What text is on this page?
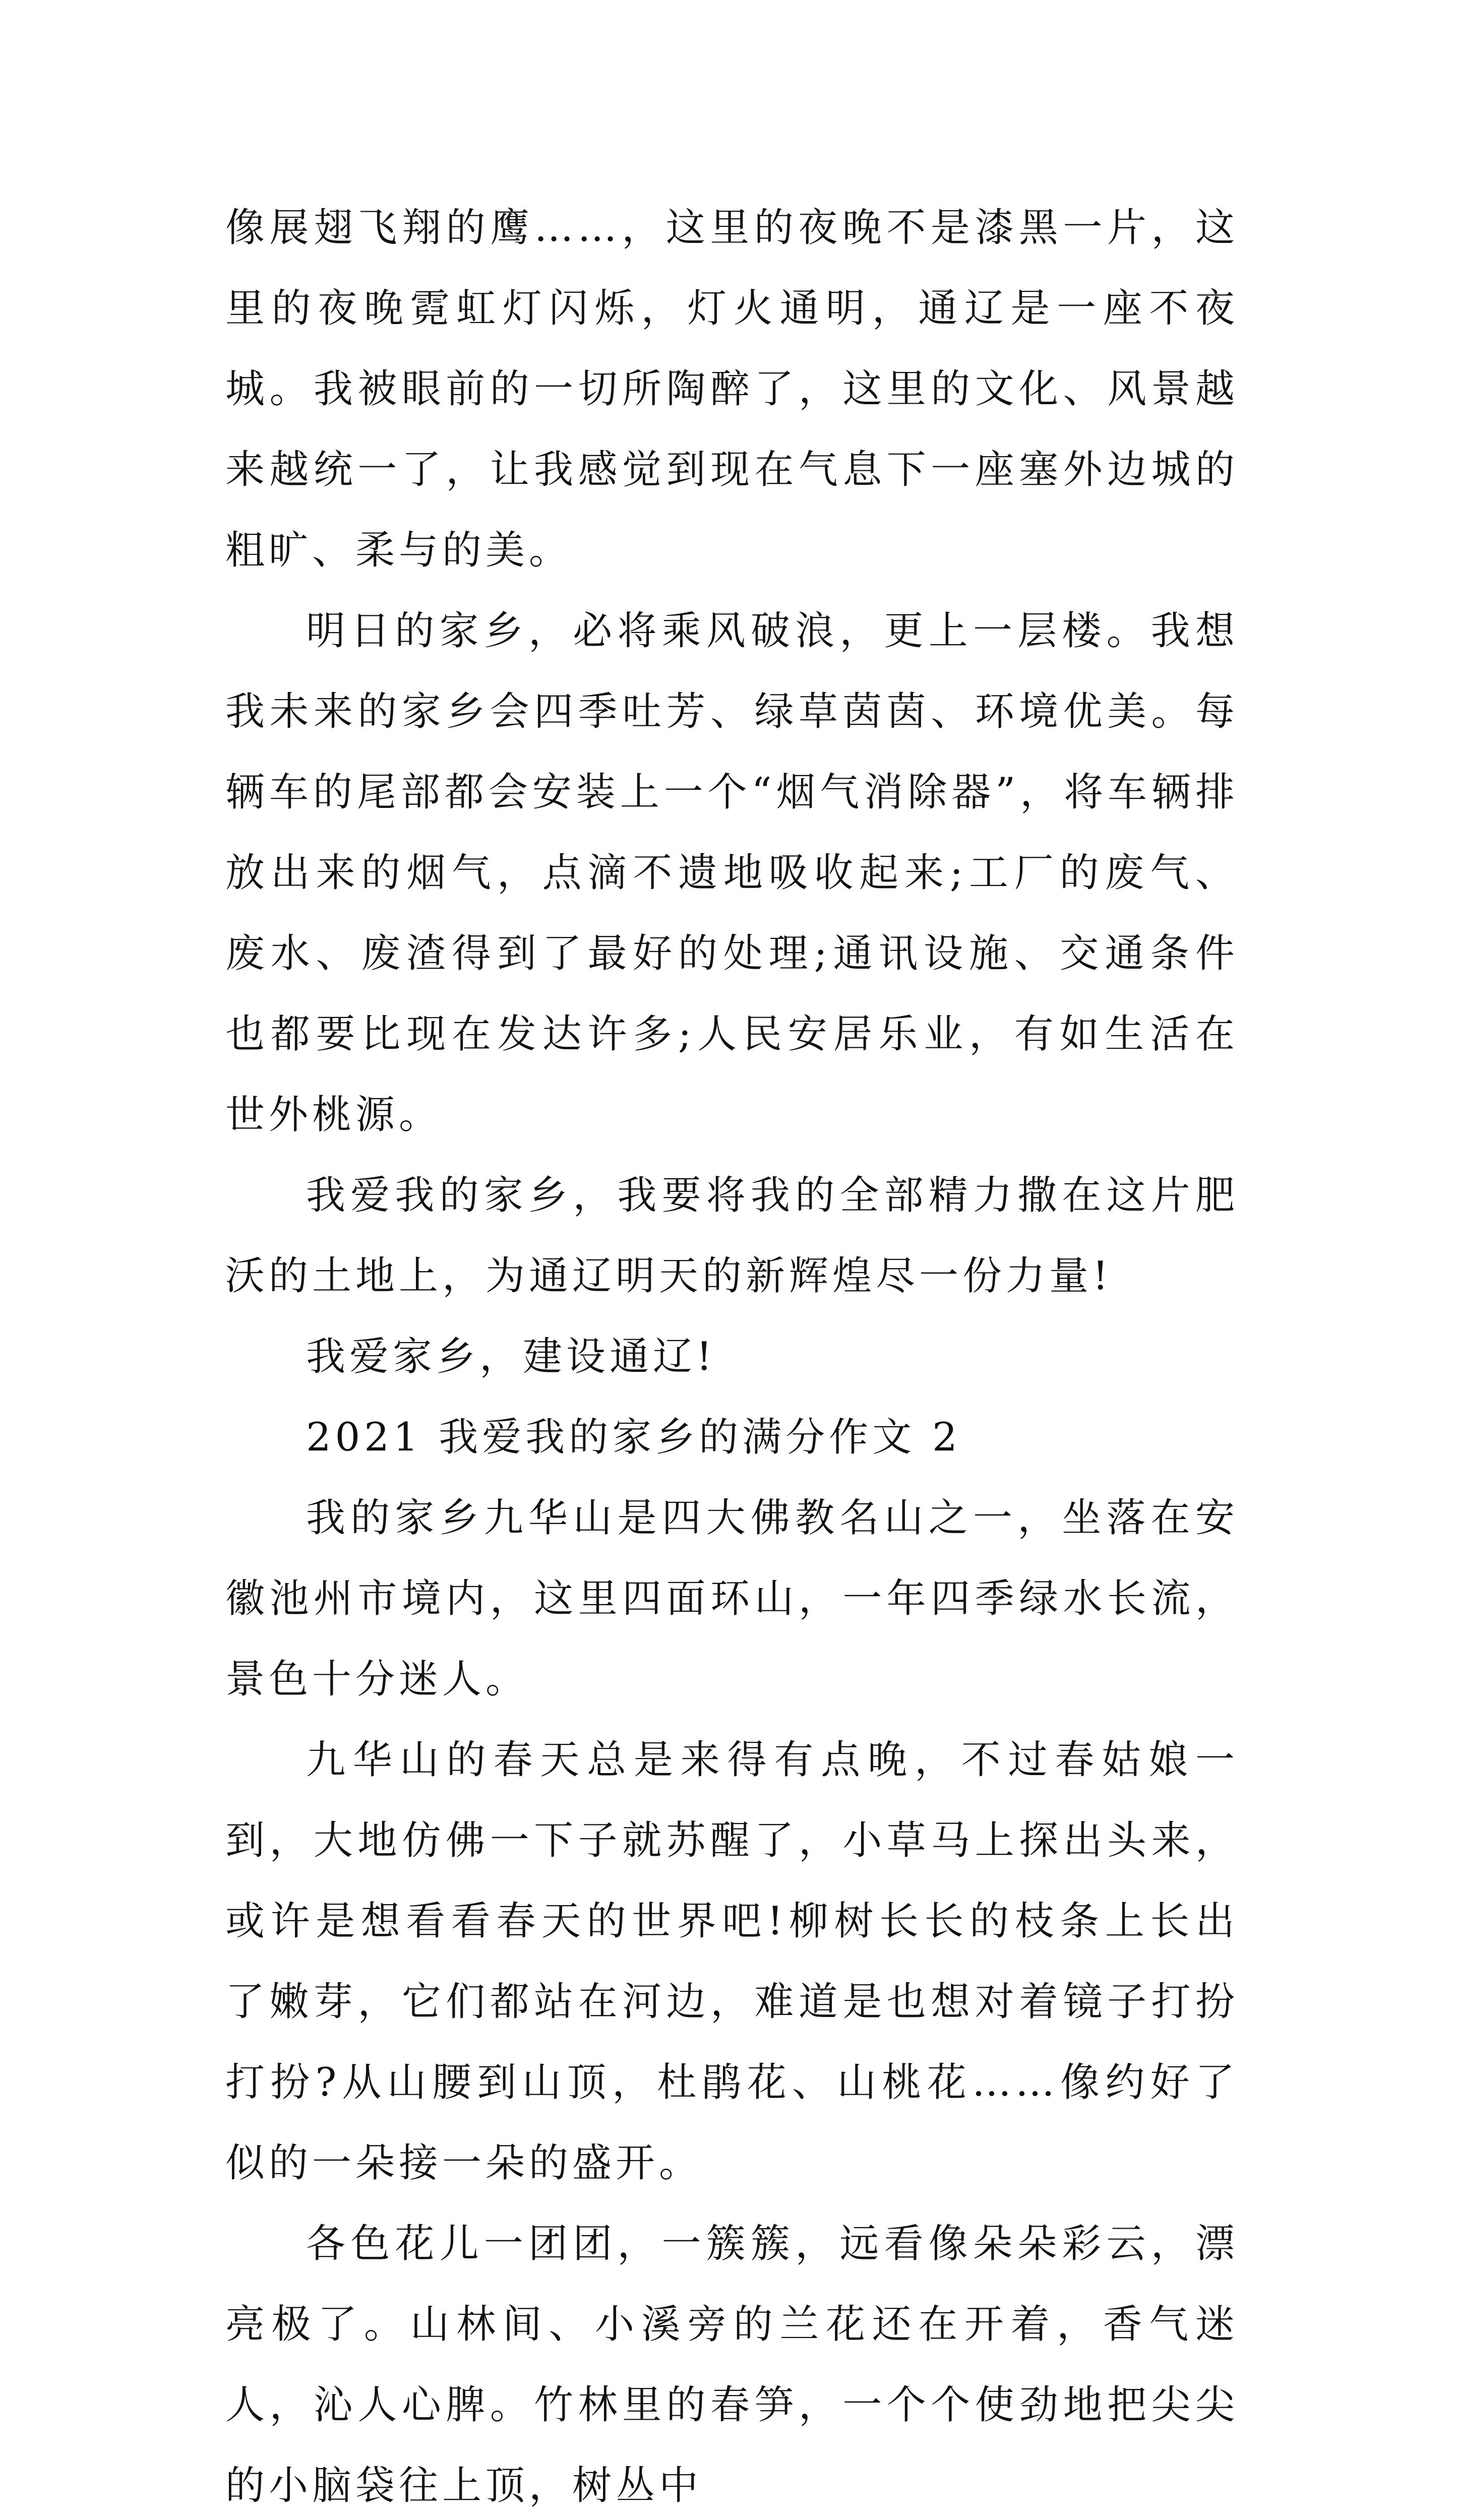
像展翅飞翔的鹰……，这里的夜晚不是漆黑一片，这里的夜晚霓虹灯闪烁，灯火通明，通辽是一座不夜城。我被眼前的一切所陶醉了，这里的文化、风景越来越统一了，让我感觉到现在气息下一座塞外边城的粗旷、柔与的美。

明日的家乡，必将乘风破浪，更上一层楼。我想我未来的家乡会四季吐芳、绿草茵茵、环境优美。每辆车的尾部都会安装上一个“烟气消除器”，将车辆排放出来的烟气，点滴不遗地吸收起来;工厂的废气、废水、废渣得到了最好的处理;通讯设施、交通条件也都要比现在发达许多;人民安居乐业，有如生活在世外桃源。

我爱我的家乡，我要将我的全部精力撒在这片肥沃的土地上，为通辽明天的新辉煌尽一份力量!

我爱家乡，建设通辽!

2021 我爱我的家乡的满分作文 2

我的家乡九华山是四大佛教名山之一，坐落在安徽池州市境内，这里四面环山，一年四季绿水长流，景色十分迷人。

九华山的春天总是来得有点晚，不过春姑娘一到，大地仿佛一下子就苏醒了，小草马上探出头来，或许是想看看春天的世界吧!柳树长长的枝条上长出了嫩芽，它们都站在河边，难道是也想对着镜子打扮打扮?从山腰到山顶，杜鹃花、山桃花……像约好了似的一朵接一朵的盛开。

各色花儿一团团，一簇簇，远看像朵朵彩云，漂亮极了。山林间、小溪旁的兰花还在开着，香气迷人，沁人心脾。竹林里的春笋，一个个使劲地把尖尖的小脑袋往上顶，树丛中
